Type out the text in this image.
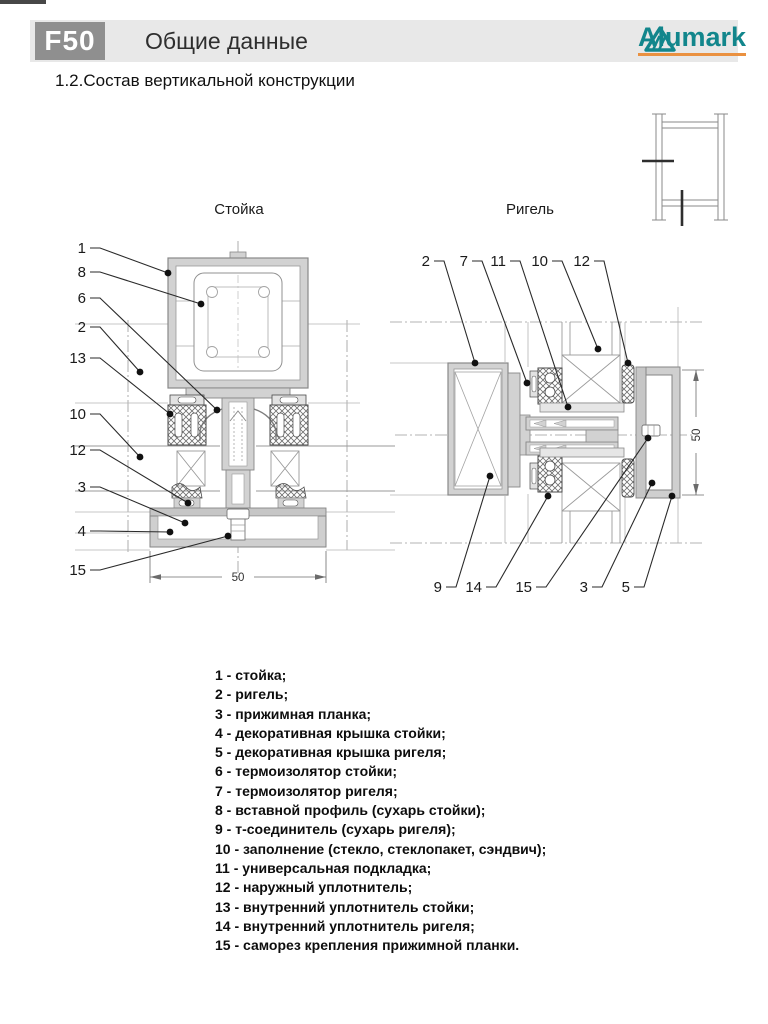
F50 Общие данные	Alumark
1.2.Состав вертикальной конструкции
Стойка	Ригель
50
1
8
6
2
13
10
12
3
4
15
50
2 7 11 10 12
9 14 15	3 5
1 - стойка;
2 - ригель;
3 - прижимная планка;
4 - декоративная крышка стойки;
5 - декоративная крышка ригеля;
6 - термоизолятор стойки;
7 - термоизолятор ригеля;
8 - вставной профиль (сухарь стойки);
9 - т-соединитель (сухарь ригеля);
10 - заполнение (стекло, стеклопакет, сэндвич);
11 - универсальная подкладка;
12 - наружный уплотнитель;
13 - внутренний уплотнитель стойки;
14 - внутренний уплотнитель ригеля;
15 - саморез крепления прижимной планки.
